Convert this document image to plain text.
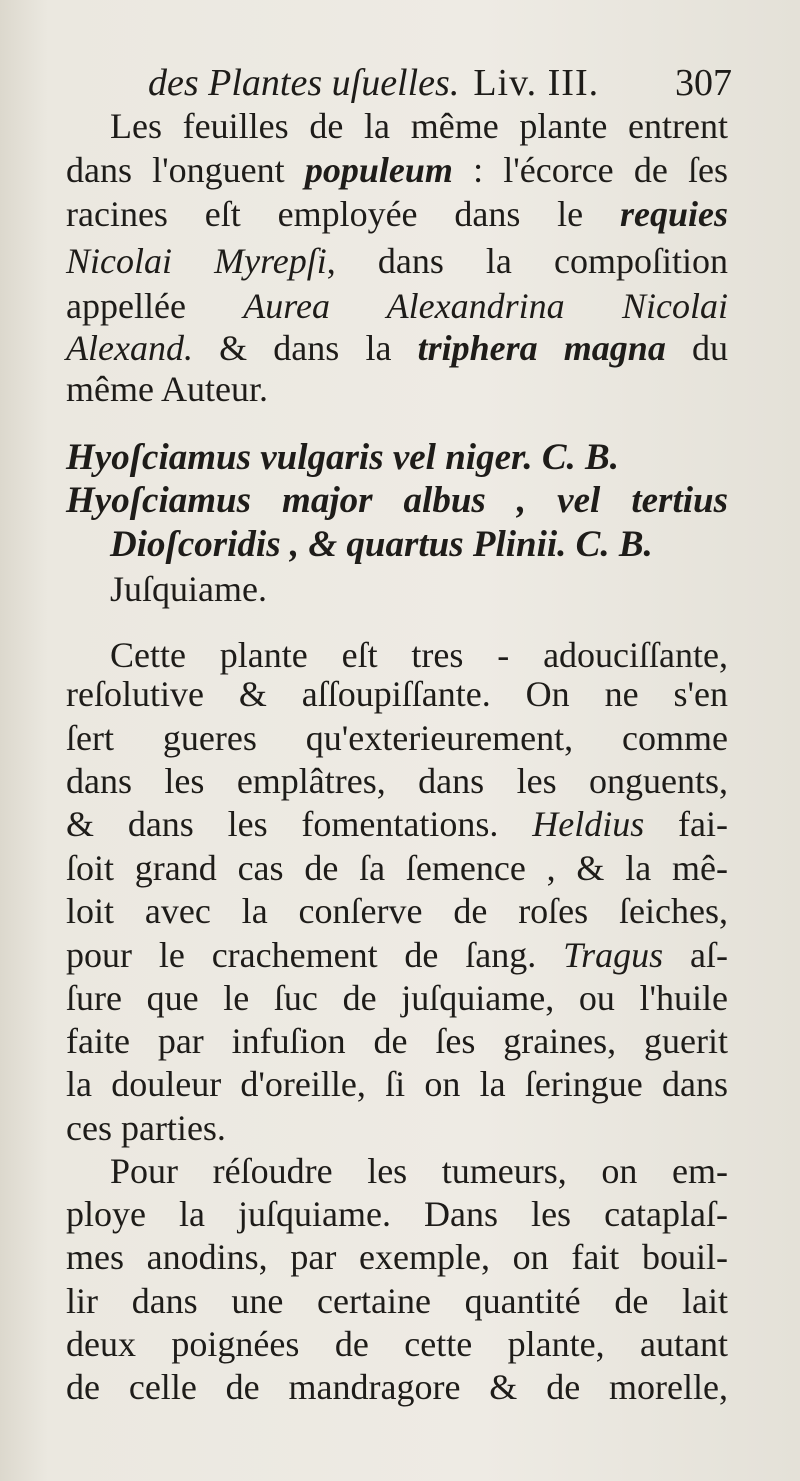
des Plantes uſuelles. Liv. III. 307
Les feuilles de la même plante entrent
dans l'onguent populeum : l'écorce de ſes
racines eſt employée dans le requies
Nicolai Myrepſi, dans la compoſition
appellée Aurea Alexandrina Nicolai
Alexand. & dans la triphera magna du
même Auteur.
Hyoſciamus vulgaris vel niger. C. B.
Hyoſciamus major albus , vel tertius
Dioſcoridis , & quartus Plinii. C. B.
Juſquiame.
Cette plante eſt tres - adouciſſante,
reſolutive & aſſoupiſſante. On ne s'en
ſert gueres qu'exterieurement, comme
dans les emplâtres, dans les onguents,
& dans les fomentations. Heldius fai-
ſoit grand cas de ſa ſemence , & la mê-
loit avec la conſerve de roſes ſeiches,
pour le crachement de ſang. Tragus aſ-
ſure que le ſuc de juſquiame, ou l'huile
faite par infuſion de ſes graines, guerit
la douleur d'oreille, ſi on la ſeringue dans
ces parties.
Pour réſoudre les tumeurs, on em-
ploye la juſquiame. Dans les cataplaſ-
mes anodins, par exemple, on fait bouil-
lir dans une certaine quantité de lait
deux poignées de cette plante, autant
de celle de mandragore & de morelle,
